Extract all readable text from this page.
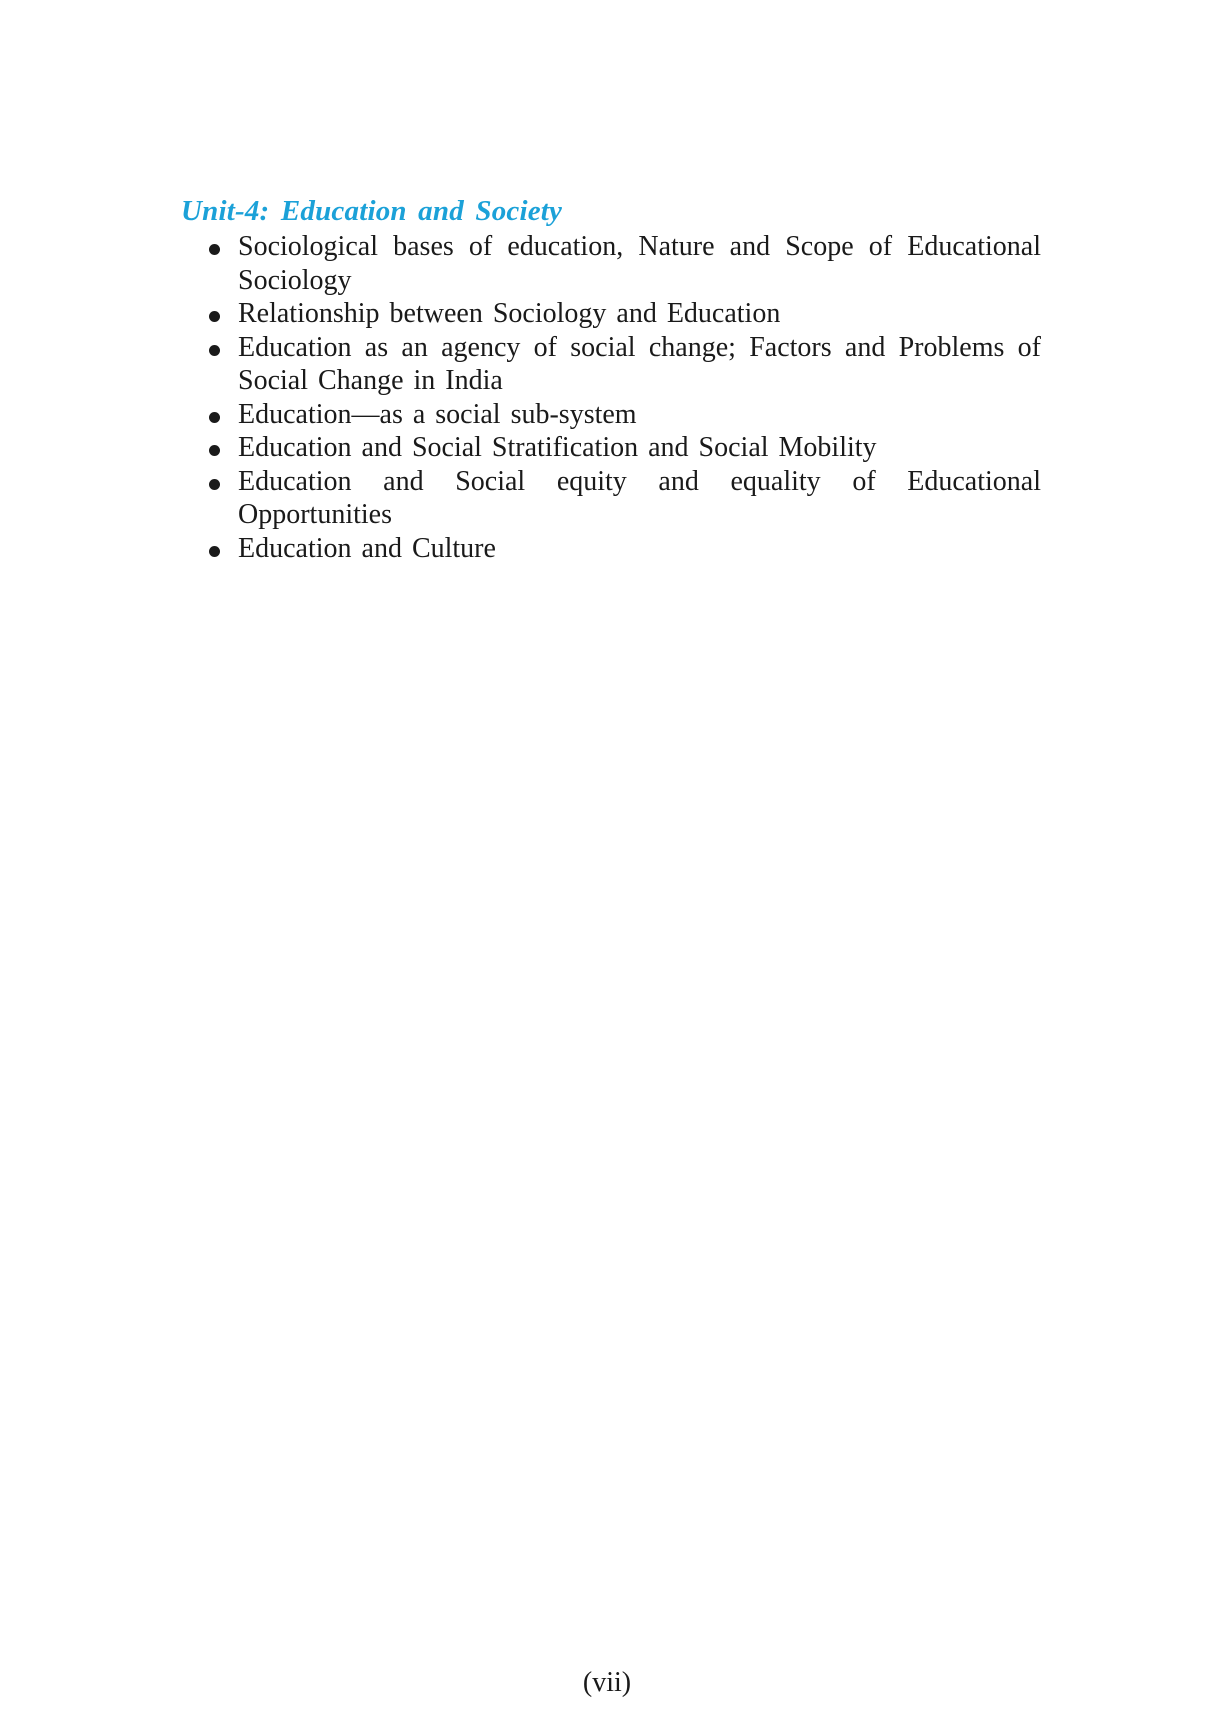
Unit-4: Education and Society
Sociological bases of education, Nature and Scope of Educational Sociology
Relationship between Sociology and Education
Education as an agency of social change; Factors and Problems of Social Change in India
Education—as a social sub-system
Education and Social Stratification and Social Mobility
Education and Social equity and equality of Educational Opportunities
Education and Culture
(vii)
